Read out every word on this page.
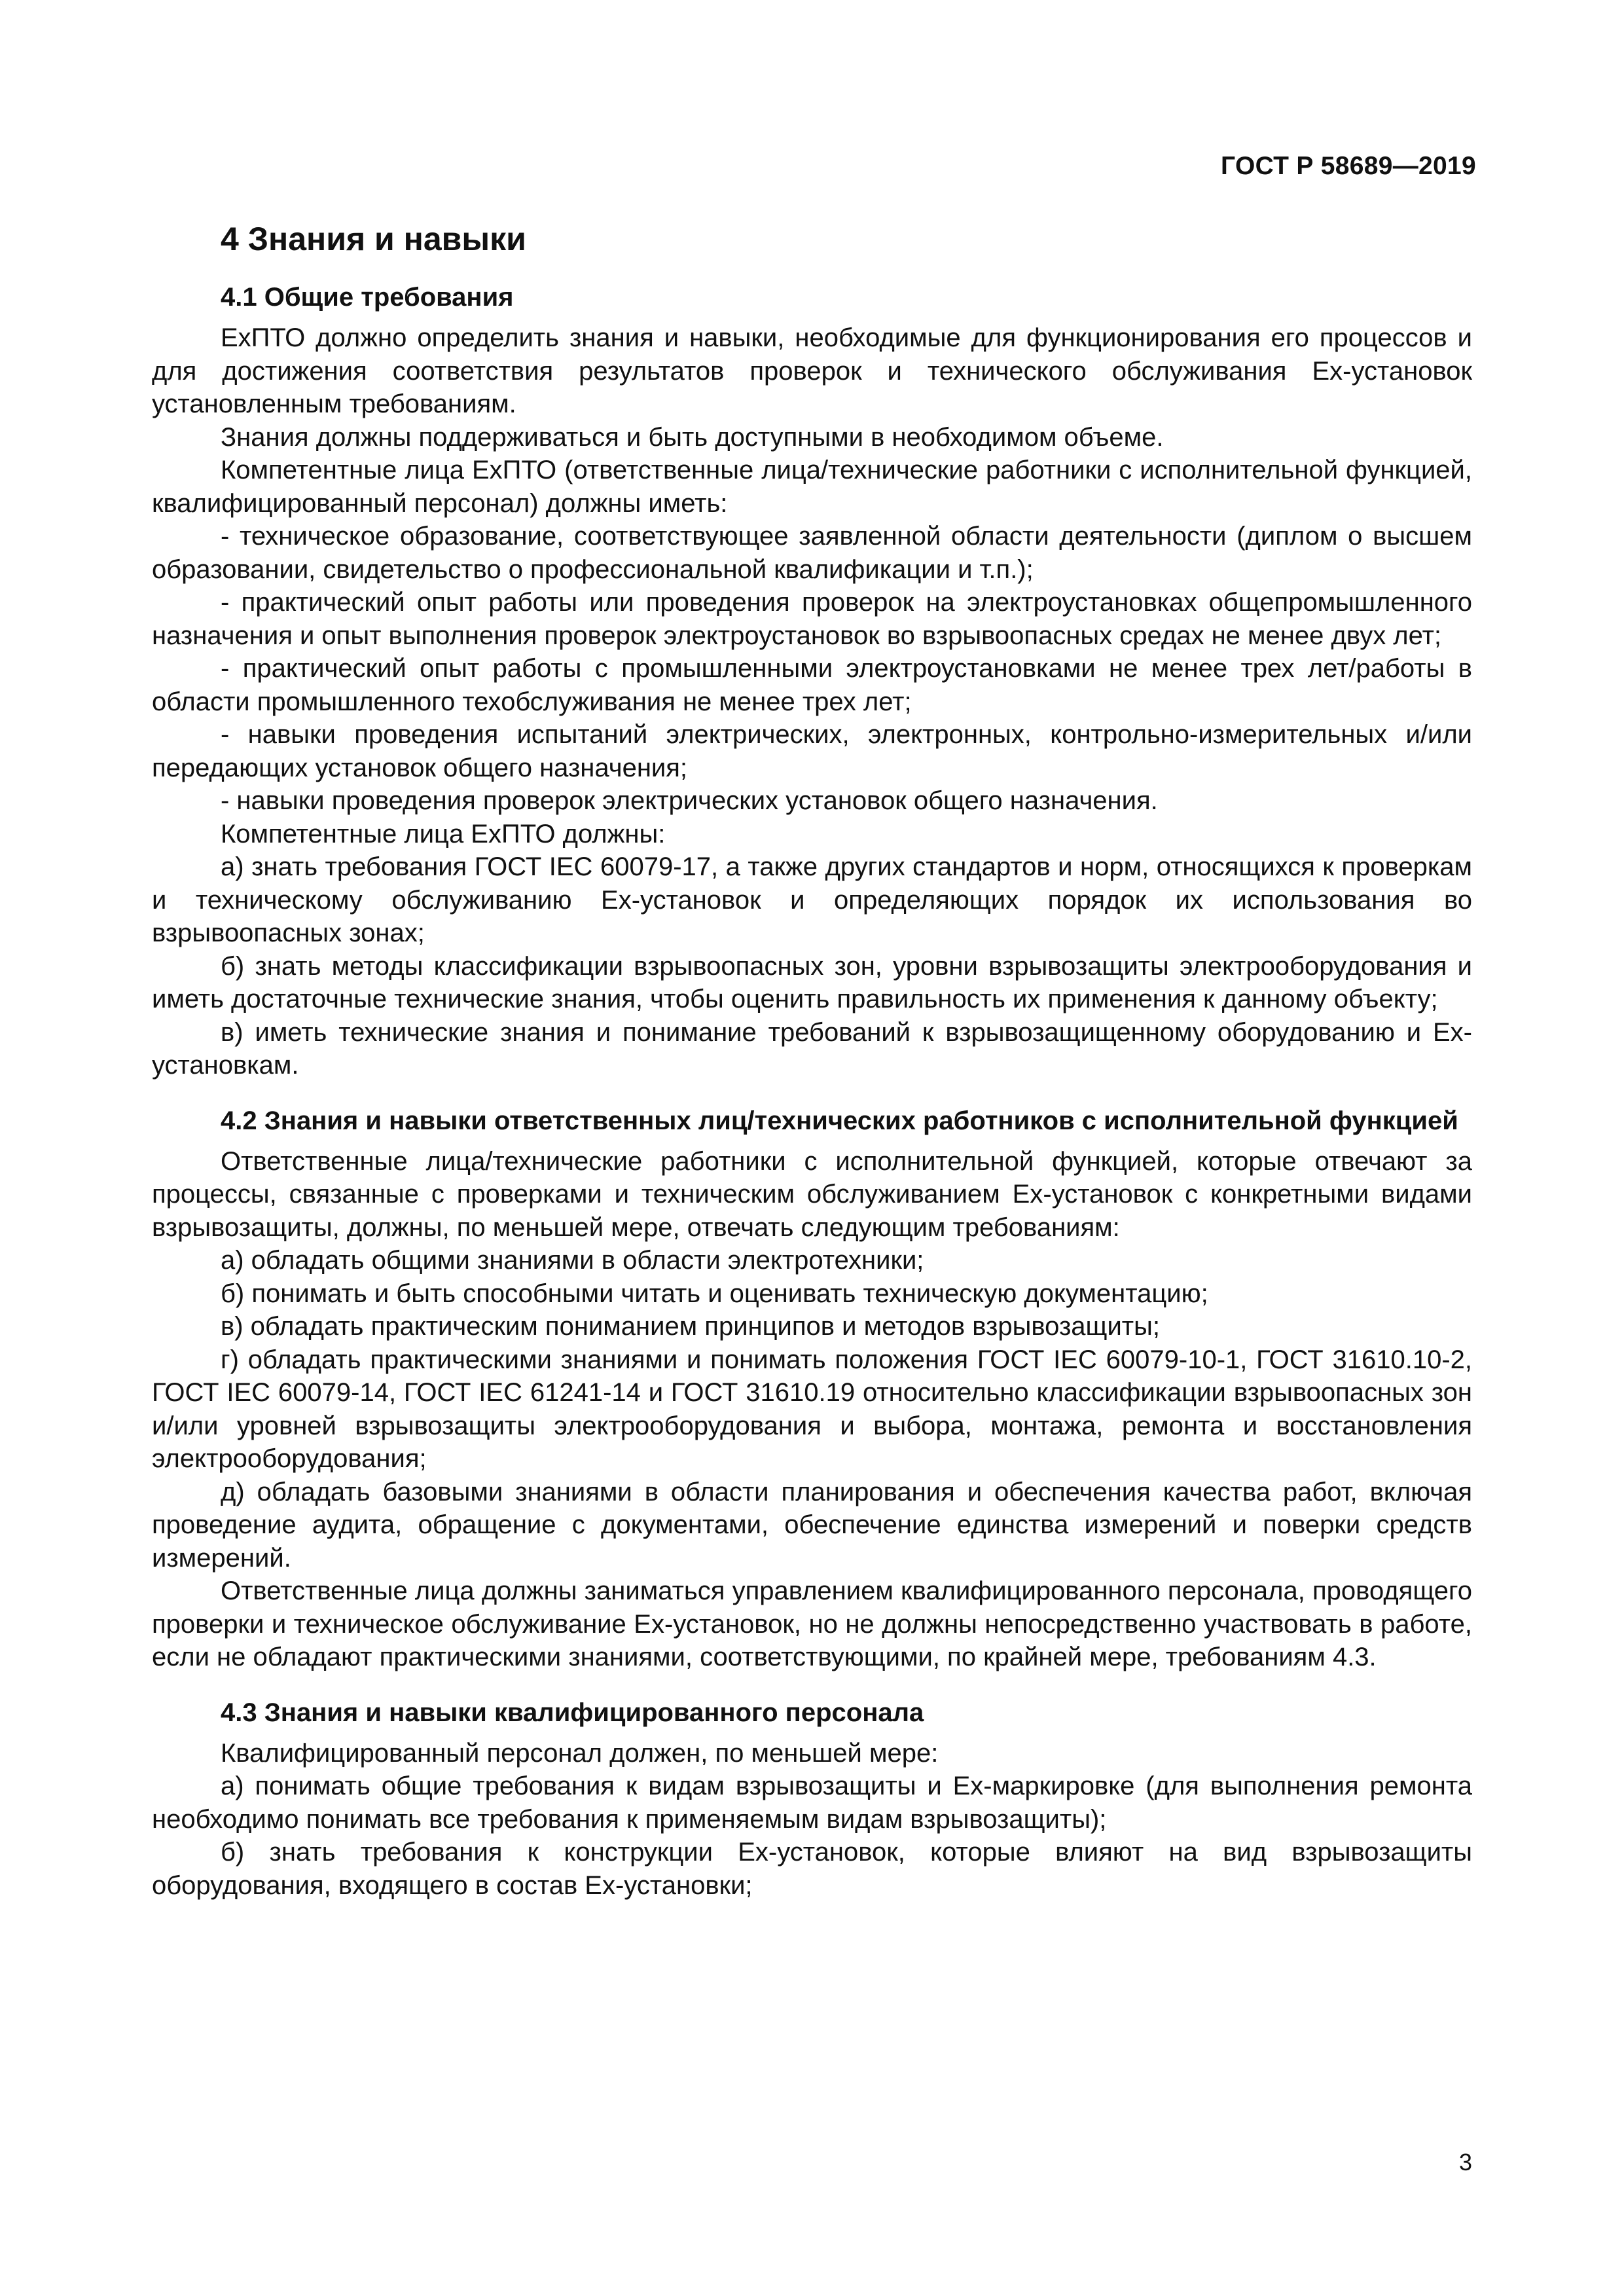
ГОСТ Р 58689—2019
4 Знания и навыки
4.1 Общие требования

ExПТО должно определить знания и навыки, необходимые для функционирования его процессов и для достижения соответствия результатов проверок и технического обслуживания Ex-установок установленным требованиям.

Знания должны поддерживаться и быть доступными в необходимом объеме.

Компетентные лица ExПТО (ответственные лица/технические работники с исполнительной функцией, квалифицированный персонал) должны иметь:

- техническое образование, соответствующее заявленной области деятельности (диплом о высшем образовании, свидетельство о профессиональной квалификации и т.п.);

- практический опыт работы или проведения проверок на электроустановках общепромышленного назначения и опыт выполнения проверок электроустановок во взрывоопасных средах не менее двух лет;

- практический опыт работы с промышленными электроустановками не менее трех лет/работы в области промышленного техобслуживания не менее трех лет;

- навыки проведения испытаний электрических, электронных, контрольно-измерительных и/или передающих установок общего назначения;

- навыки проведения проверок электрических установок общего назначения.

Компетентные лица ExПТО должны:

а) знать требования ГОСТ IEC 60079-17, а также других стандартов и норм, относящихся к проверкам и техническому обслуживанию Ex-установок и определяющих порядок их использования во взрывоопасных зонах;

б) знать методы классификации взрывоопасных зон, уровни взрывозащиты электрооборудования и иметь достаточные технические знания, чтобы оценить правильность их применения к данному объекту;

в) иметь технические знания и понимание требований к взрывозащищенному оборудованию и Ex-установкам.

4.2 Знания и навыки ответственных лиц/технических работников с исполнительной функцией

Ответственные лица/технические работники с исполнительной функцией, которые отвечают за процессы, связанные с проверками и техническим обслуживанием Ex-установок с конкретными видами взрывозащиты, должны, по меньшей мере, отвечать следующим требованиям:

а) обладать общими знаниями в области электротехники;

б) понимать и быть способными читать и оценивать техническую документацию;

в) обладать практическим пониманием принципов и методов взрывозащиты;

г) обладать практическими знаниями и понимать положения ГОСТ IEC 60079-10-1, ГОСТ 31610.10-2, ГОСТ IEC 60079-14, ГОСТ IEC 61241-14 и ГОСТ 31610.19 относительно классификации взрывоопасных зон и/или уровней взрывозащиты электрооборудования и выбора, монтажа, ремонта и восстановления электрооборудования;

д) обладать базовыми знаниями в области планирования и обеспечения качества работ, включая проведение аудита, обращение с документами, обеспечение единства измерений и поверки средств измерений.

Ответственные лица должны заниматься управлением квалифицированного персонала, проводящего проверки и техническое обслуживание Ex-установок, но не должны непосредственно участвовать в работе, если не обладают практическими знаниями, соответствующими, по крайней мере, требованиям 4.3.

4.3 Знания и навыки квалифицированного персонала

Квалифицированный персонал должен, по меньшей мере:

а) понимать общие требования к видам взрывозащиты и Ex-маркировке (для выполнения ремонта необходимо понимать все требования к применяемым видам взрывозащиты);

б) знать требования к конструкции Ex-установок, которые влияют на вид взрывозащиты оборудования, входящего в состав Ex-установки;

3
